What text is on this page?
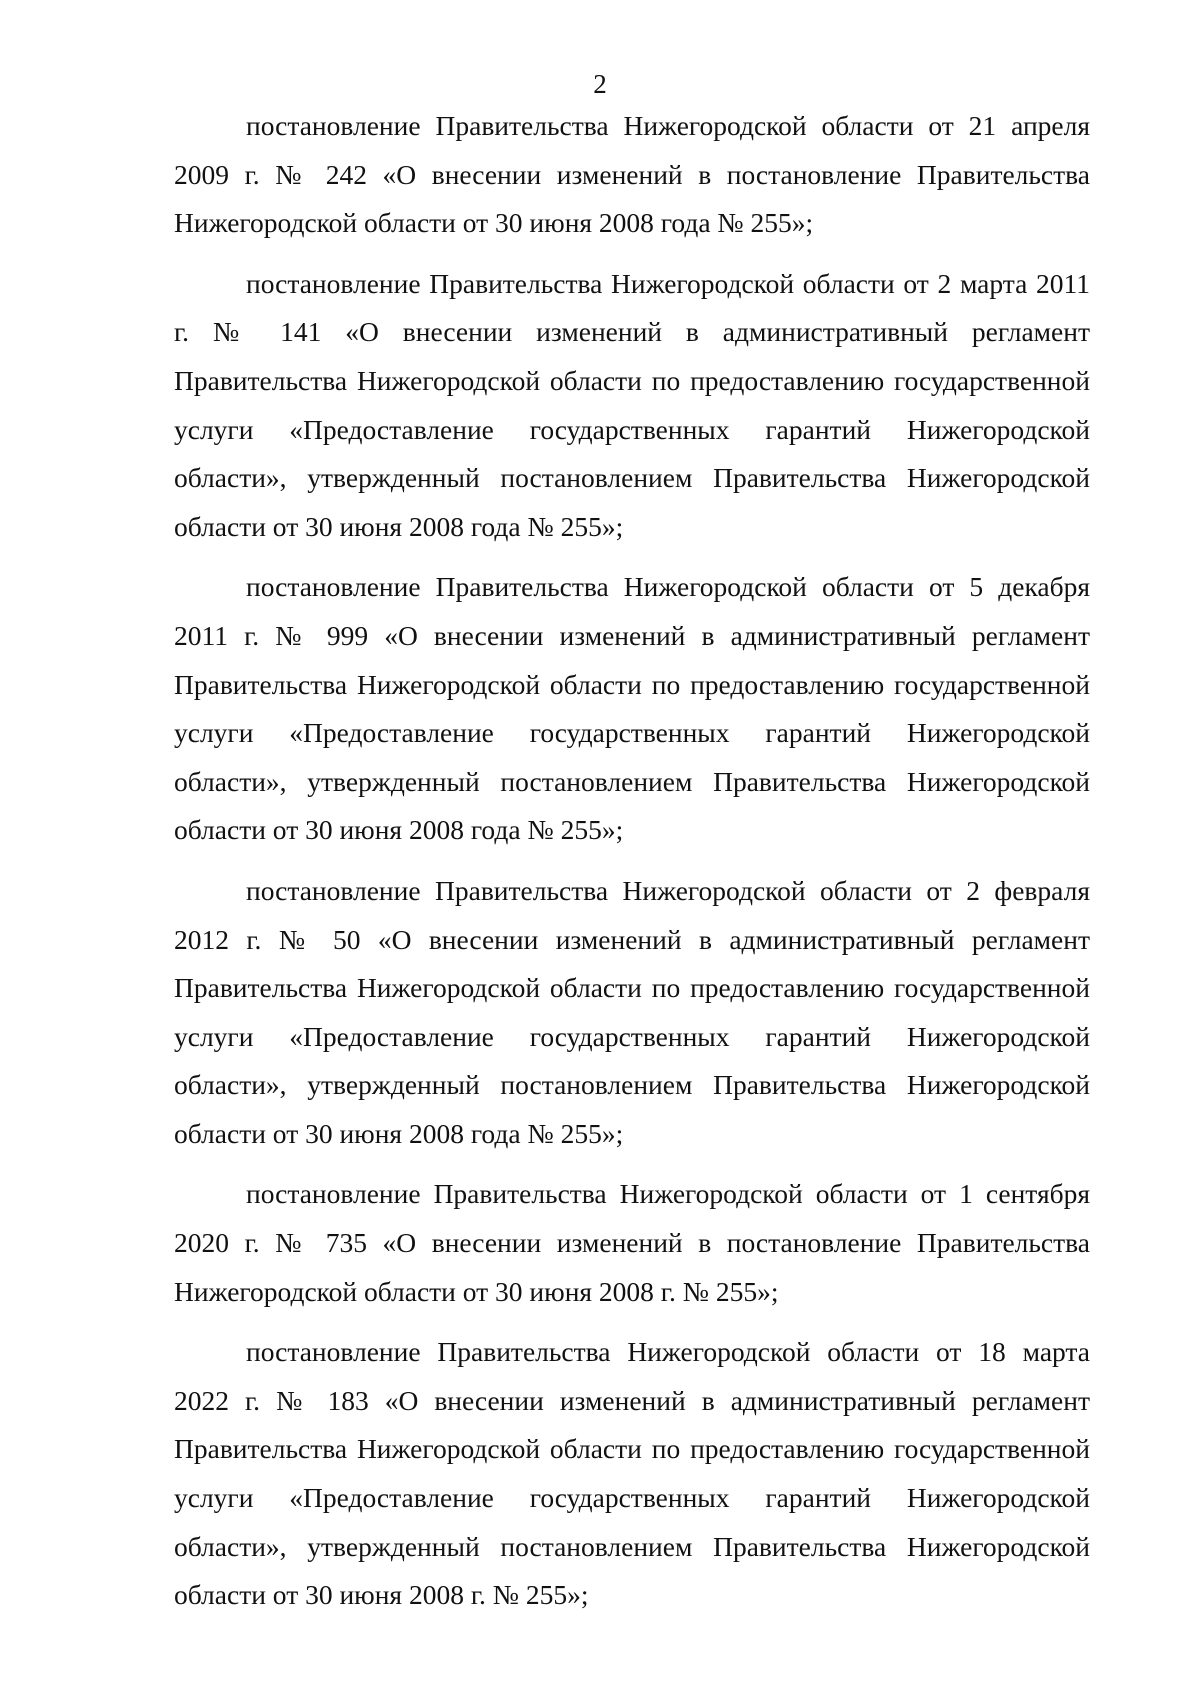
2

постановление Правительства Нижегородской области от 21 апреля 2009 г. № 242 «О внесении изменений в постановление Правительства Нижегородской области от 30 июня 2008 года № 255»;

постановление Правительства Нижегородской области от 2 марта 2011 г. № 141 «О внесении изменений в административный регламент Правительства Нижегородской области по предоставлению государственной услуги «Предоставление государственных гарантий Нижегородской области», утвержденный постановлением Правительства Нижегородской области от 30 июня 2008 года № 255»;

постановление Правительства Нижегородской области от 5 декабря 2011 г. № 999 «О внесении изменений в административный регламент Правительства Нижегородской области по предоставлению государственной услуги «Предоставление государственных гарантий Нижегородской области», утвержденный постановлением Правительства Нижегородской области от 30 июня 2008 года № 255»;

постановление Правительства Нижегородской области от 2 февраля 2012 г. № 50 «О внесении изменений в административный регламент Правительства Нижегородской области по предоставлению государственной услуги «Предоставление государственных гарантий Нижегородской области», утвержденный постановлением Правительства Нижегородской области от 30 июня 2008 года № 255»;

постановление Правительства Нижегородской области от 1 сентября 2020 г. № 735 «О внесении изменений в постановление Правительства Нижегородской области от 30 июня 2008 г. № 255»;

постановление Правительства Нижегородской области от 18 марта 2022 г. № 183 «О внесении изменений в административный регламент Правительства Нижегородской области по предоставлению государственной услуги «Предоставление государственных гарантий Нижегородской области», утвержденный постановлением Правительства Нижегородской области от 30 июня 2008 г. № 255»;
